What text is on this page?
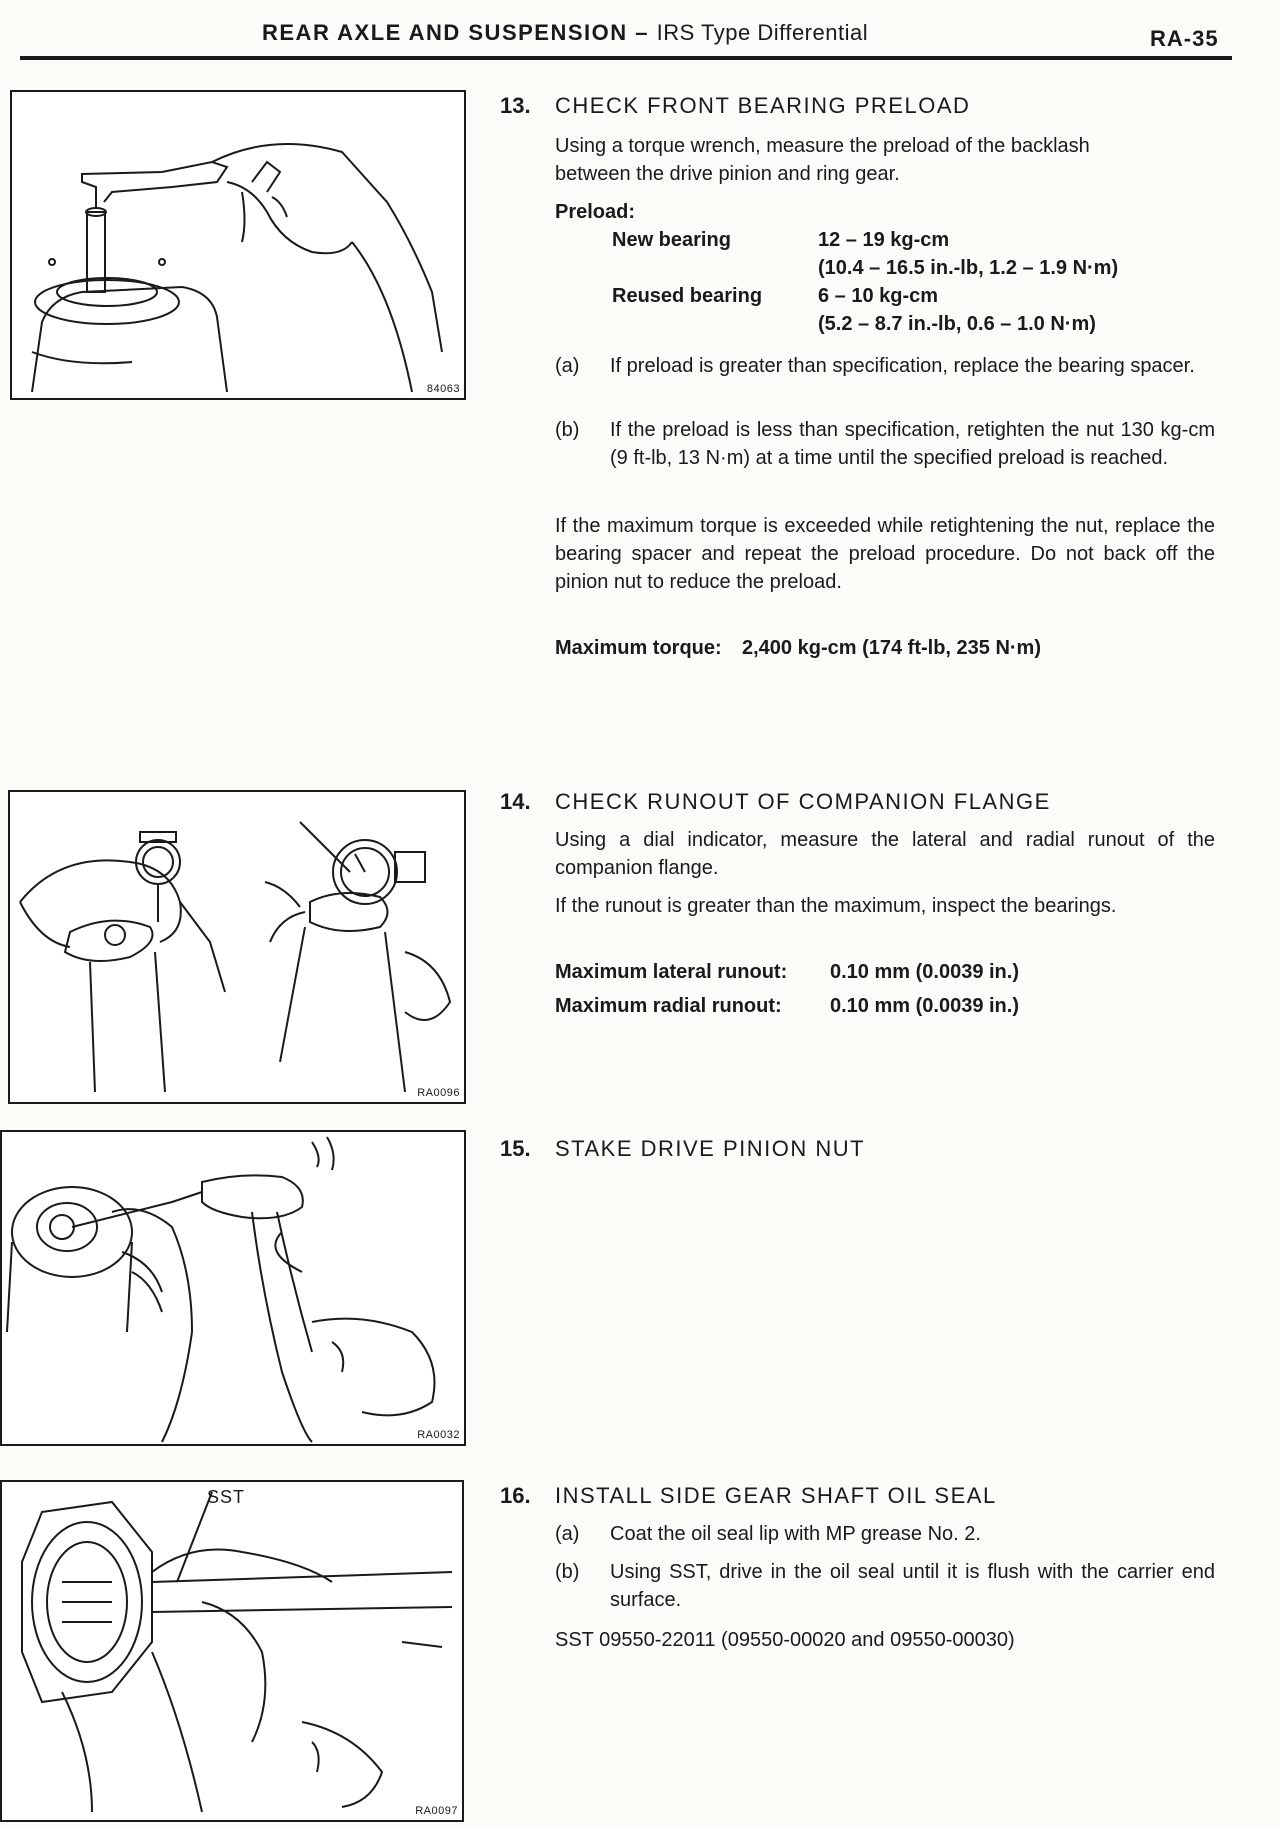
REAR AXLE AND SUSPENSION – IRS Type Differential	RA-35
84063
RA0096
RA0032
SST
RA0097
13. CHECK FRONT BEARING PRELOAD
Using a torque wrench, measure the preload of the backlash
between the drive pinion and ring gear.
Preload:
New bearing	12 – 19 kg-cm
(10.4 – 16.5 in.-lb, 1.2 – 1.9 N·m)
Reused bearing	6 – 10 kg-cm
(5.2 – 8.7 in.-lb, 0.6 – 1.0 N·m)
(a) If preload is greater than specification, replace the bearing spacer.
(b) If the preload is less than specification, retighten the nut 130 kg-cm (9 ft-lb, 13 N·m) at a time until the specified preload is reached.
If the maximum torque is exceeded while retightening the nut, replace the bearing spacer and repeat the preload procedure. Do not back off the pinion nut to reduce the preload.
Maximum torque: 2,400 kg-cm (174 ft-lb, 235 N·m)
14. CHECK RUNOUT OF COMPANION FLANGE
Using a dial indicator, measure the lateral and radial runout of the companion flange.
If the runout is greater than the maximum, inspect the bearings.
Maximum lateral runout: 0.10 mm (0.0039 in.)
Maximum radial runout: 0.10 mm (0.0039 in.)
15. STAKE DRIVE PINION NUT
16. INSTALL SIDE GEAR SHAFT OIL SEAL
(a) Coat the oil seal lip with MP grease No. 2.
(b) Using SST, drive in the oil seal until it is flush with the carrier end surface.
SST 09550-22011 (09550-00020 and 09550-00030)
